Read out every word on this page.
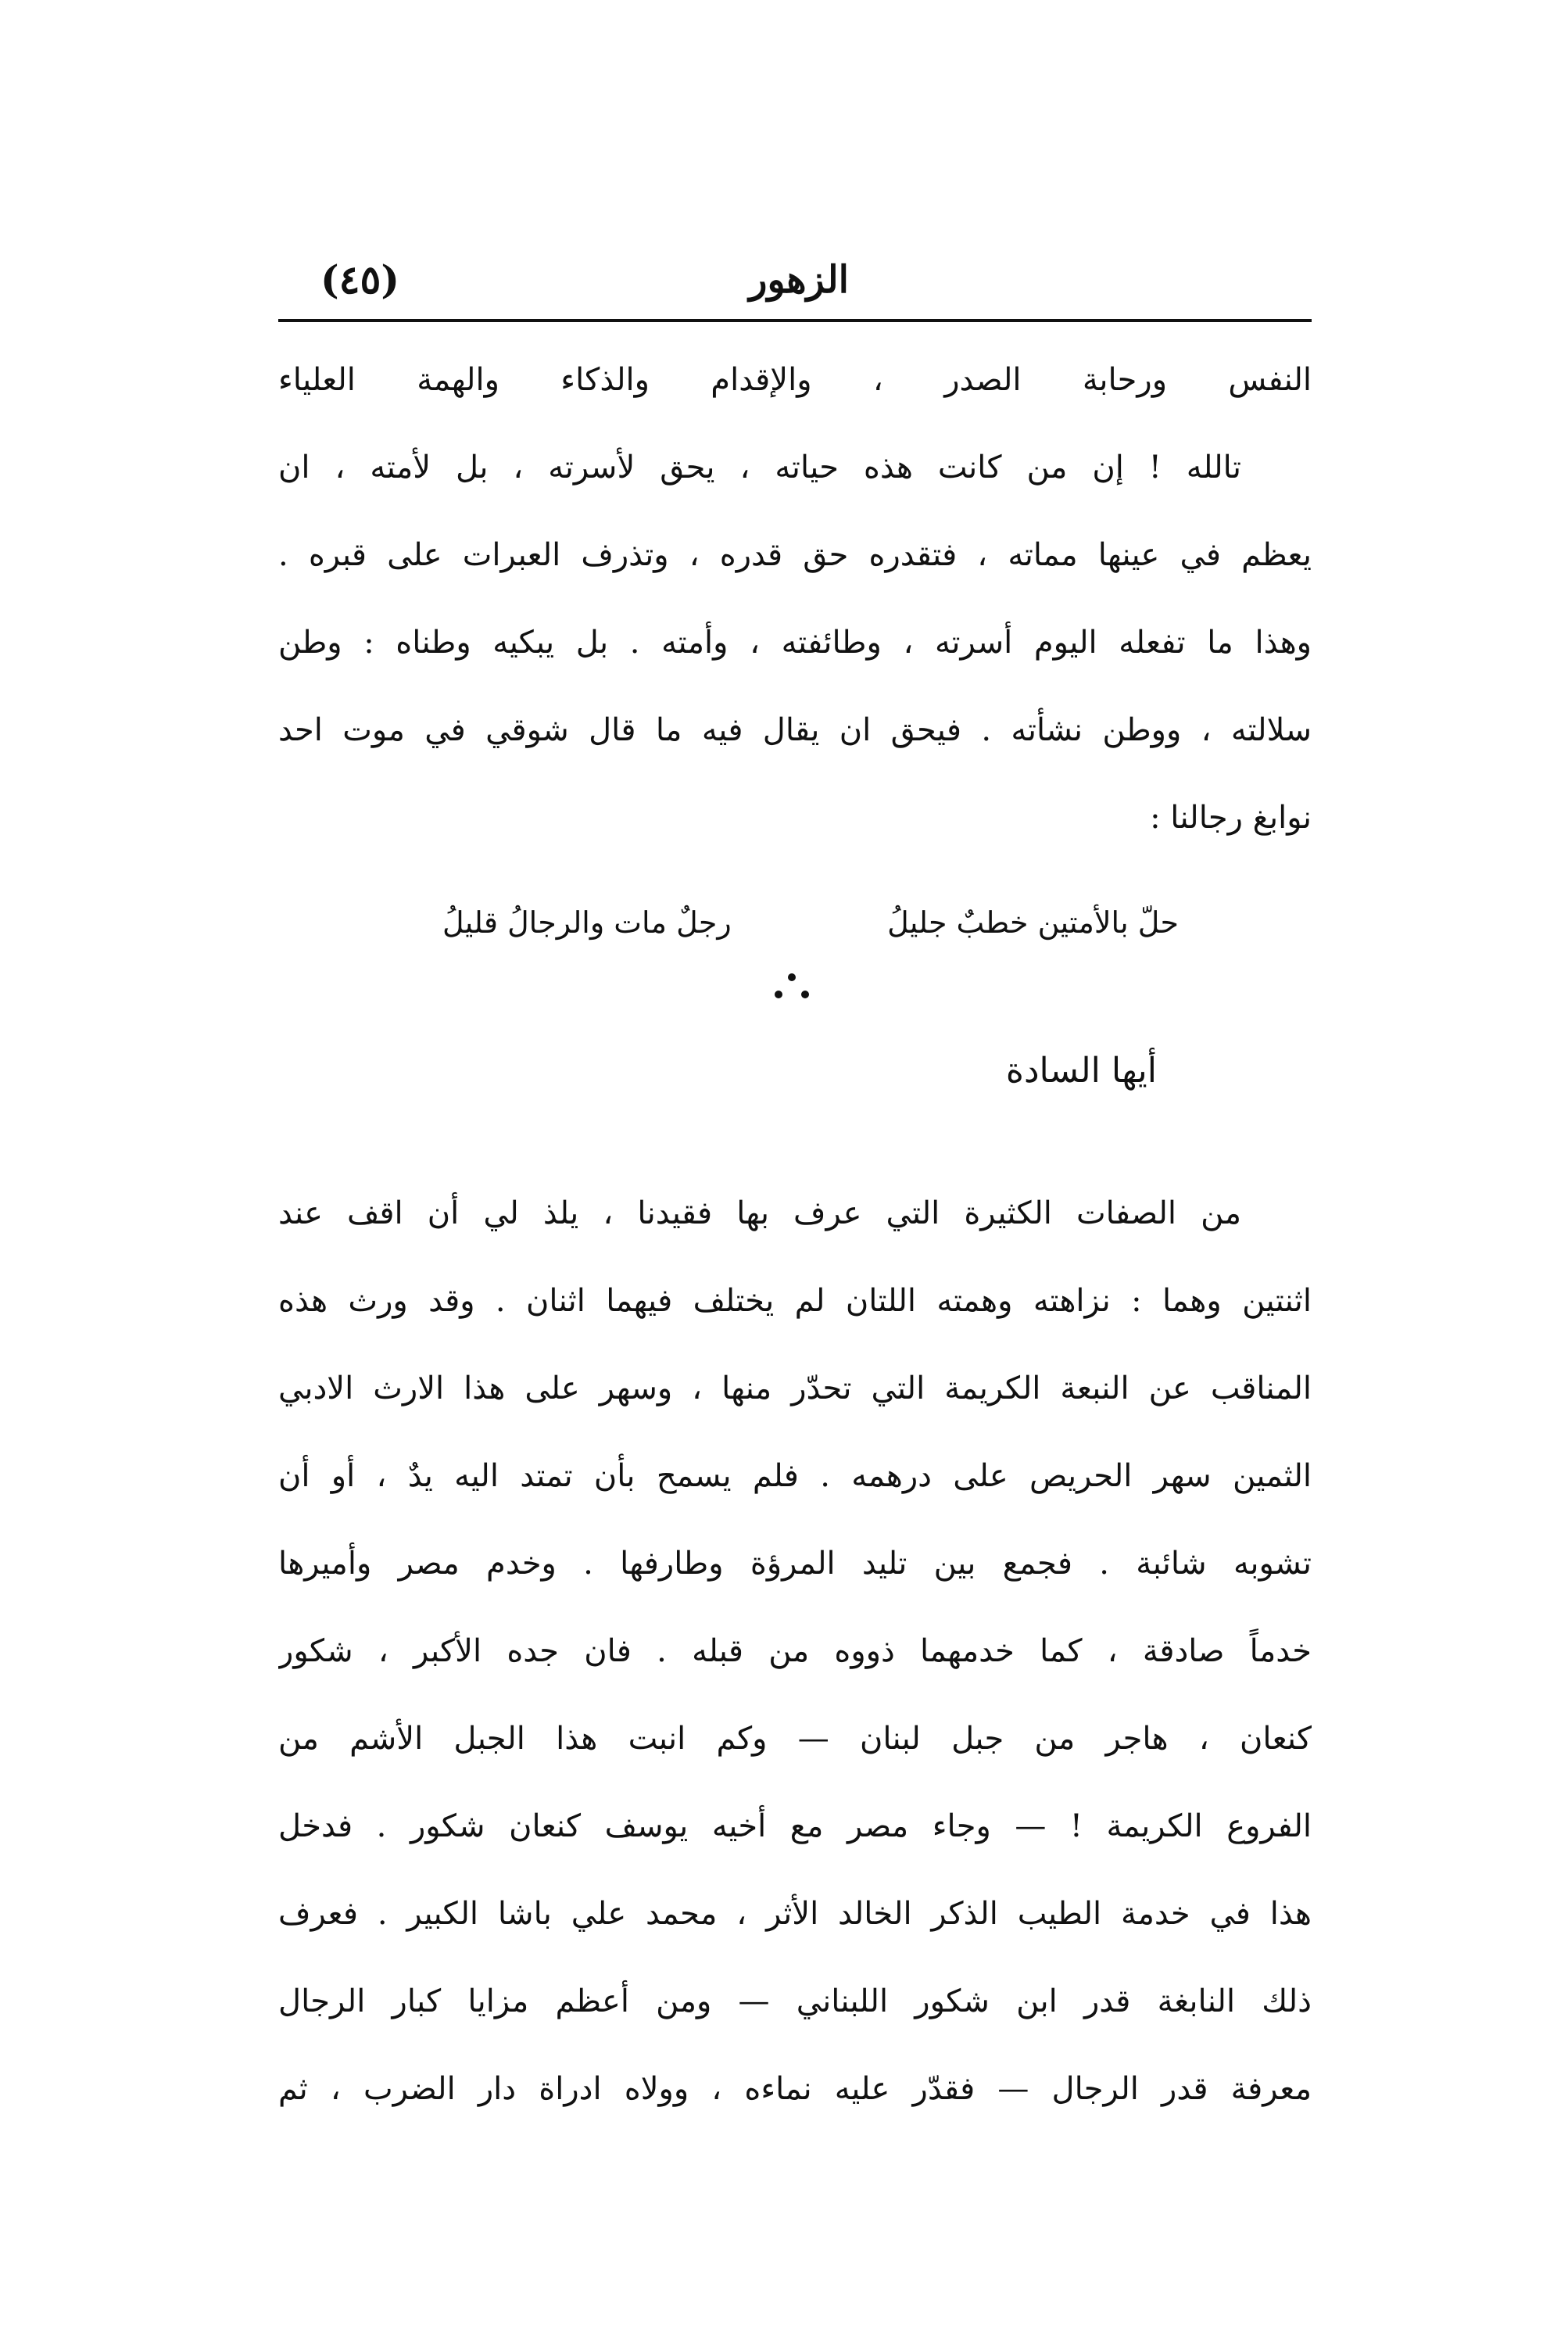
الزهور
(٤٥)
النفس ورحابة الصدر ، والإقدام والذكاء والهمة العلياء
تالله ! إن من كانت هذه حياته ، يحق لأسرته ، بل لأمته ، ان
يعظم في عينها مماته ، فتقدره حق قدره ، وتذرف العبرات على قبره .
وهذا ما تفعله اليوم أسرته ، وطائفته ، وأمته . بل يبكيه وطناه : وطن
سلالته ، ووطن نشأته . فيحق ان يقال فيه ما قال شوقي في موت احد
نوابغ رجالنا :
حلّ بالأمتين خطبٌ جليلُ
رجلٌ مات والرجالُ قليلُ
أيها السادة
من الصفات الكثيرة التي عرف بها فقيدنا ، يلذ لي أن اقف عند
اثنتين وهما : نزاهته وهمته اللتان لم يختلف فيهما اثنان . وقد ورث هذه
المناقب عن النبعة الكريمة التي تحدّر منها ، وسهر على هذا الارث الادبي
الثمين سهر الحريص على درهمه . فلم يسمح بأن تمتد اليه يدٌ ، أو أن
تشوبه شائبة . فجمع بين تليد المرؤة وطارفها . وخدم مصر وأميرها
خدماً صادقة ، كما خدمهما ذووه من قبله . فان جده الأكبر ، شكور
كنعان ، هاجر من جبل لبنان — وكم انبت هذا الجبل الأشم من
الفروع الكريمة ! — وجاء مصر مع أخيه يوسف كنعان شكور . فدخل
هذا في خدمة الطيب الذكر الخالد الأثر ، محمد علي باشا الكبير . فعرف
ذلك النابغة قدر ابن شكور اللبناني — ومن أعظم مزايا كبار الرجال
معرفة قدر الرجال — فقدّر عليه نماءه ، وولاه ادراة دار الضرب ، ثم
